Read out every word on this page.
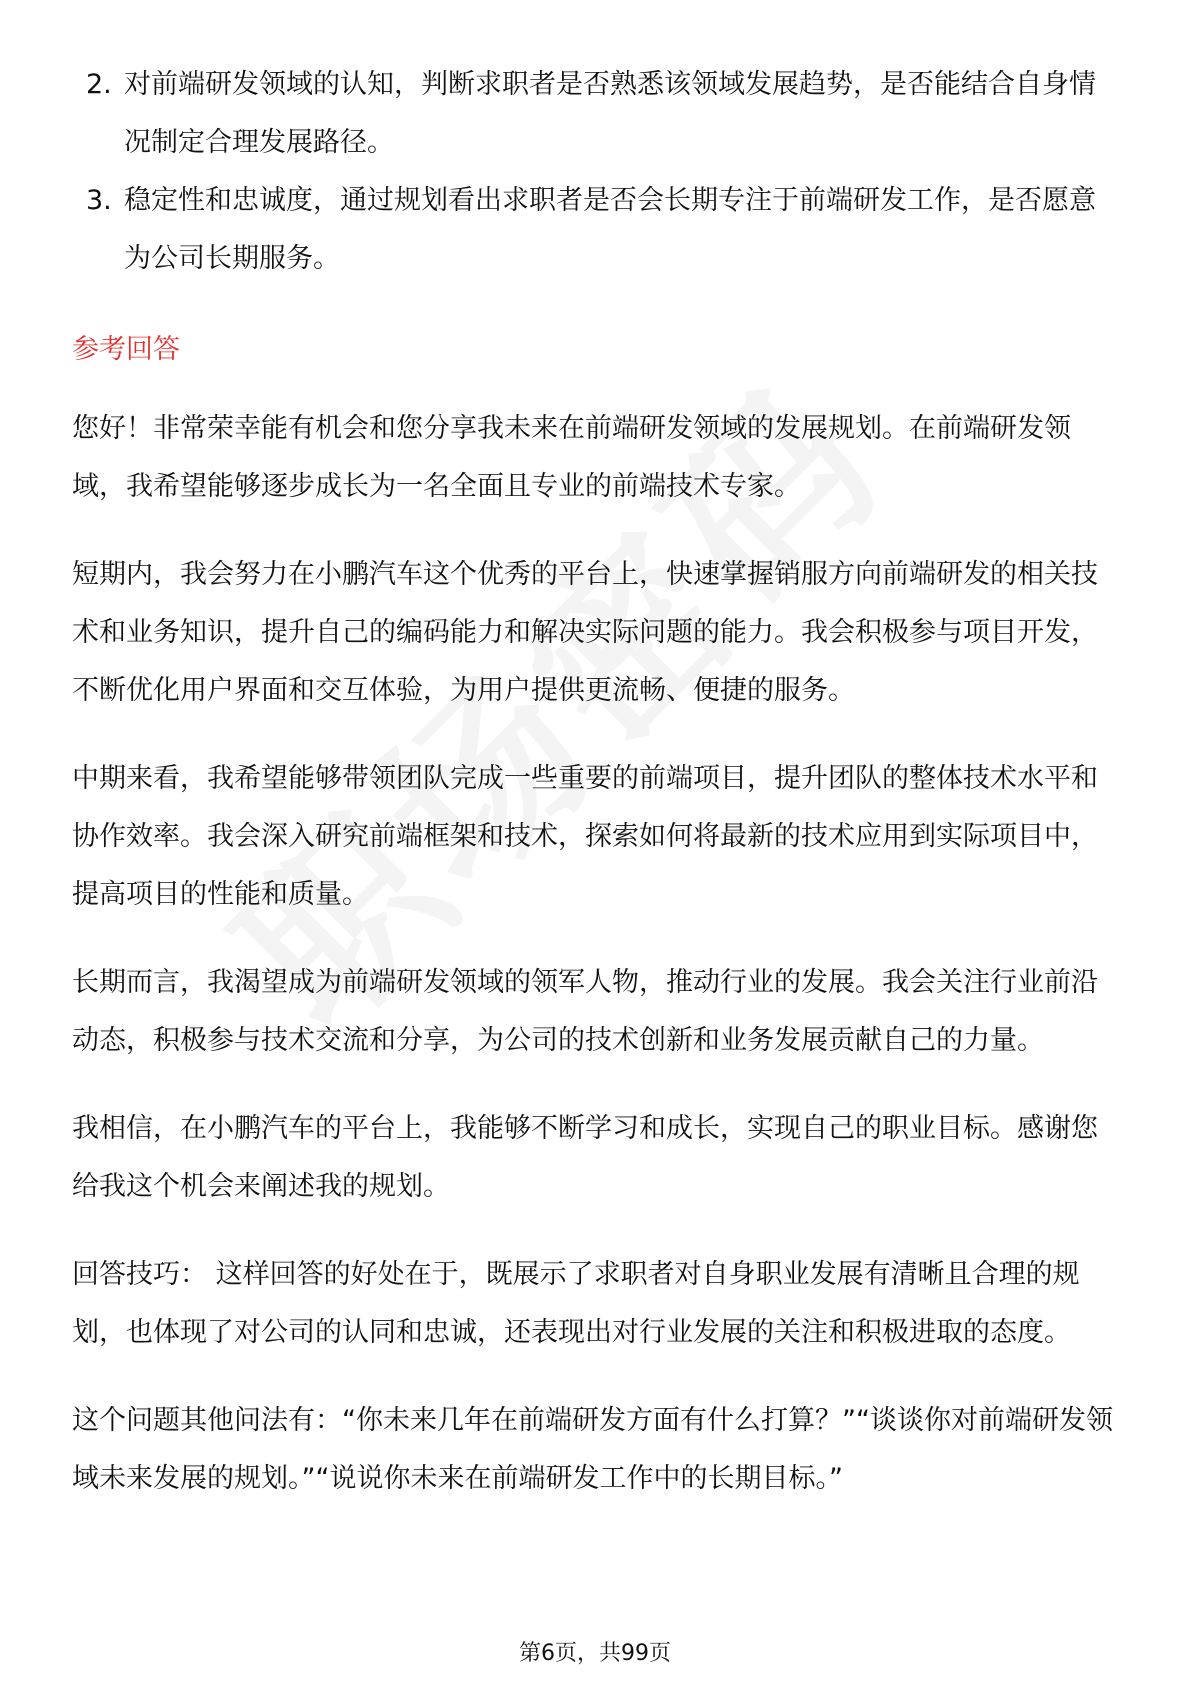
2. 对前端研发领域的认知，判断求职者是否熟悉该领域发展趋势，是否能结合自身情况制定合理发展路径。
3. 稳定性和忠诚度，通过规划看出求职者是否会长期专注于前端研发工作，是否愿意为公司长期服务。
参考回答

您好！非常荣幸能有机会和您分享我未来在前端研发领域的发展规划。在前端研发领域，我希望能够逐步成长为一名全面且专业的前端技术专家。

短期内，我会努力在小鹏汽车这个优秀的平台上，快速掌握销服方向前端研发的相关技术和业务知识，提升自己的编码能力和解决实际问题的能力。我会积极参与项目开发，不断优化用户界面和交互体验，为用户提供更流畅、便捷的服务。

中期来看，我希望能够带领团队完成一些重要的前端项目，提升团队的整体技术水平和协作效率。我会深入研究前端框架和技术，探索如何将最新的技术应用到实际项目中，提高项目的性能和质量。

长期而言，我渴望成为前端研发领域的领军人物，推动行业的发展。我会关注行业前沿动态，积极参与技术交流和分享，为公司的技术创新和业务发展贡献自己的力量。

我相信，在小鹏汽车的平台上，我能够不断学习和成长，实现自己的职业目标。感谢您给我这个机会来阐述我的规划。

回答技巧： 这样回答的好处在于，既展示了求职者对自身职业发展有清晰且合理的规划，也体现了对公司的认同和忠诚，还表现出对行业发展的关注和积极进取的态度。

这个问题其他问法有：“你未来几年在前端研发方面有什么打算？”“谈谈你对前端研发领域未来发展的规划。”“说说你未来在前端研发工作中的长期目标。”

第6页，共99页
